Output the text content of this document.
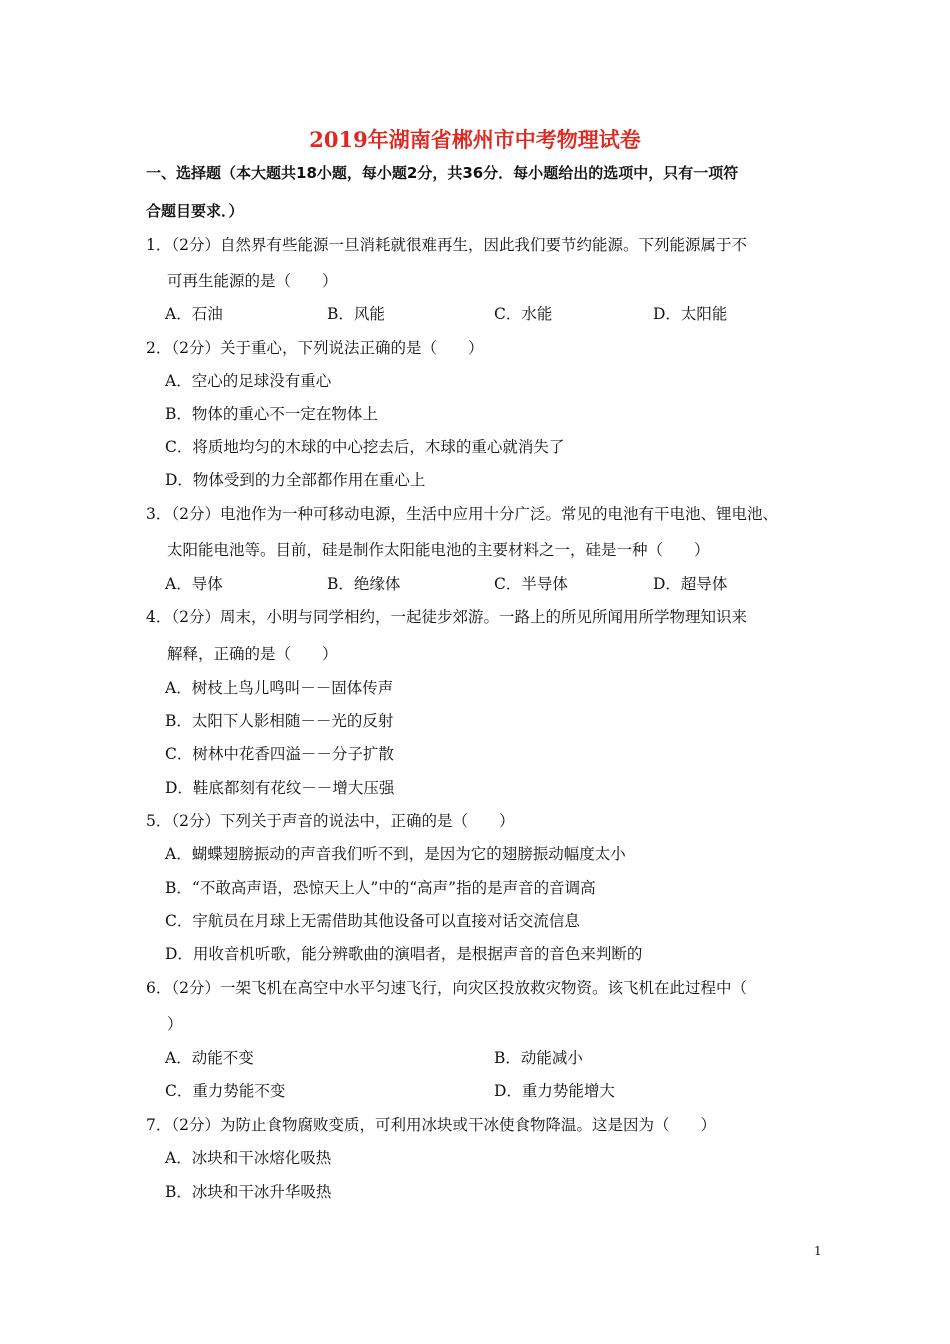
2019年湖南省郴州市中考物理试卷
一、选择题（本大题共18小题，每小题2分，共36分．每小题给出的选项中，只有一项符
合题目要求．）
1．（2分）自然界有些能源一旦消耗就很难再生，因此我们要节约能源。下列能源属于不
可再生能源的是（　　）
A．石油	B．风能	C．水能	D．太阳能
2．（2分）关于重心，下列说法正确的是（　　）
A．空心的足球没有重心
B．物体的重心不一定在物体上
C．将质地均匀的木球的中心挖去后，木球的重心就消失了
D．物体受到的力全部都作用在重心上
3．（2分）电池作为一种可移动电源，生活中应用十分广泛。常见的电池有干电池、锂电池、
太阳能电池等。目前，硅是制作太阳能电池的主要材料之一，硅是一种（　　）
A．导体	B．绝缘体	C．半导体	D．超导体
4．（2分）周末，小明与同学相约，一起徒步郊游。一路上的所见所闻用所学物理知识来
解释，正确的是（　　）
A．树枝上鸟儿鸣叫－－固体传声
B．太阳下人影相随－－光的反射
C．树林中花香四溢－－分子扩散
D．鞋底都刻有花纹－－增大压强
5．（2分）下列关于声音的说法中，正确的是（　　）
A．蝴蝶翅膀振动的声音我们听不到，是因为它的翅膀振动幅度太小
B．“不敢高声语，恐惊天上人”中的“高声”指的是声音的音调高
C．宇航员在月球上无需借助其他设备可以直接对话交流信息
D．用收音机听歌，能分辨歌曲的演唱者，是根据声音的音色来判断的
6．（2分）一架飞机在高空中水平匀速飞行，向灾区投放救灾物资。该飞机在此过程中（
）
A．动能不变	B．动能减小
C．重力势能不变	D．重力势能增大
7．（2分）为防止食物腐败变质，可利用冰块或干冰使食物降温。这是因为（　　）
A．冰块和干冰熔化吸热
B．冰块和干冰升华吸热
1
